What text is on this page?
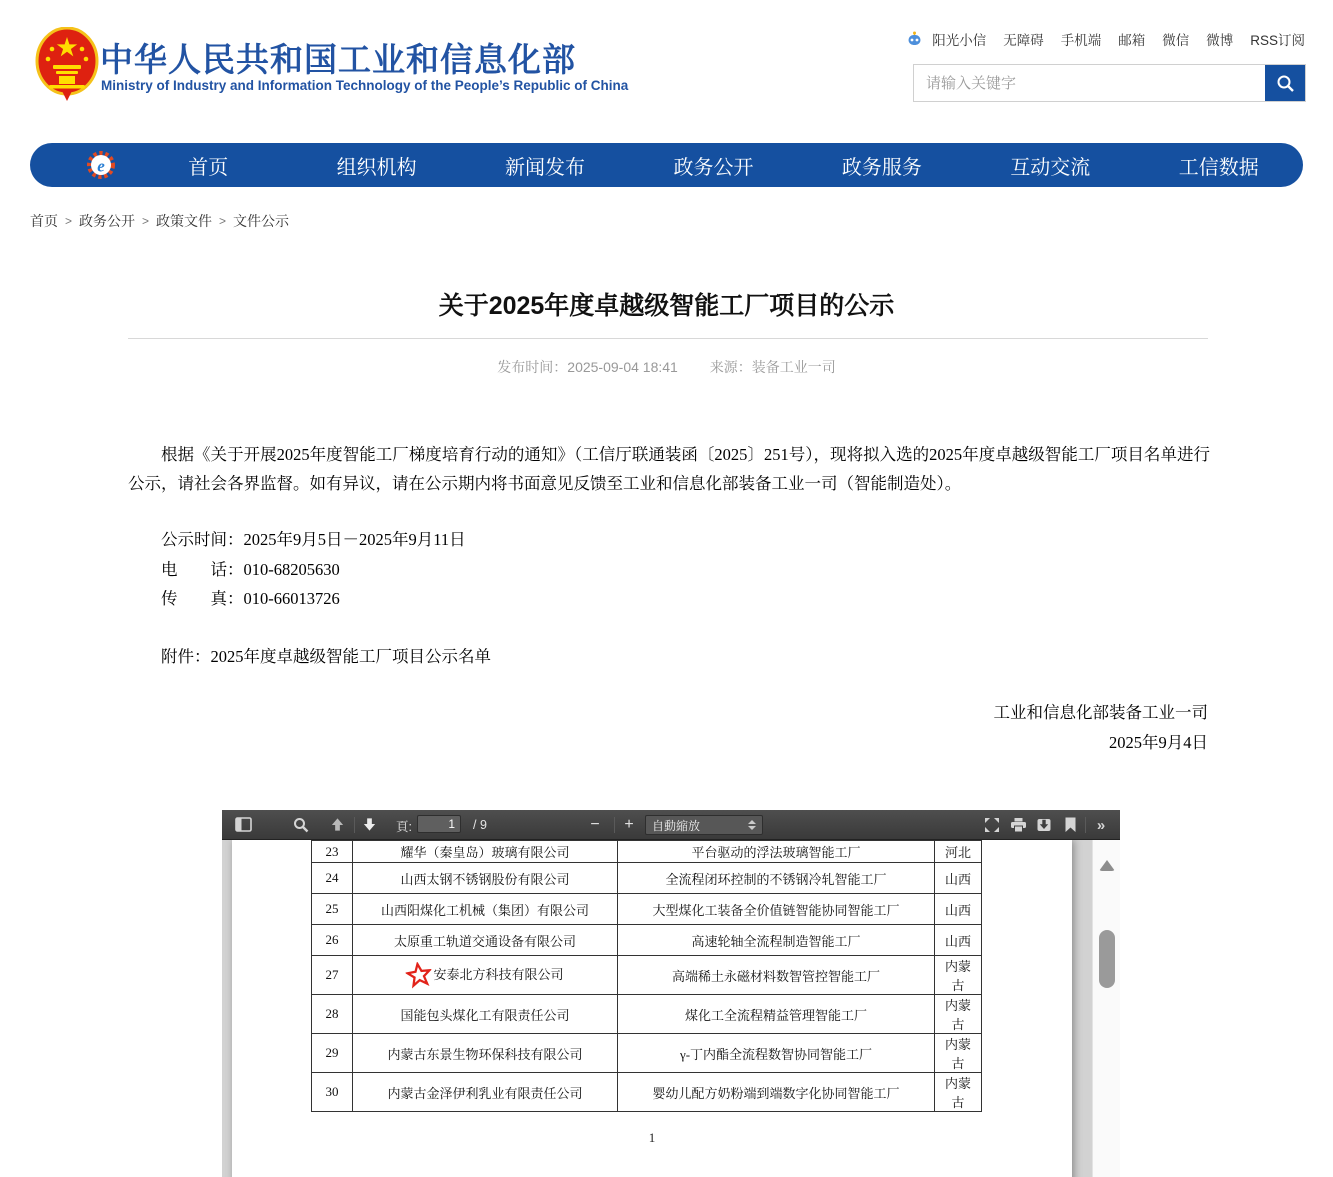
中华人民共和国工业和信息化部
Ministry of Industry and Information Technology of the People’s Republic of China
阳光小信 无障碍 手机端 邮箱 微信 微博 RSS订阅
请输入关键字
e	首页	组织机构	新闻发布	政务公开	政务服务	互动交流	工信数据
首页 > 政务公开 > 政策文件 > 文件公示
关于2025年度卓越级智能工厂项目的公示
发布时间：2025-09-04 18:41 来源：装备工业一司
根据《关于开展2025年度智能工厂梯度培育行动的通知》（工信厅联通装函〔2025〕251号），现将拟入选的2025年度卓越级智能工厂项目名单进行公示，请社会各界监督。如有异议，请在公示期内将书面意见反馈至工业和信息化部装备工业一司（智能制造处）。
公示时间：2025年9月5日－2025年9月11日
电　　话：010-68205630
传　　真：010-66013726
附件：2025年度卓越级智能工厂项目公示名单
工业和信息化部装备工业一司
2025年9月4日
頁:
1	/ 9	− + 自動縮放	»
23	耀华（秦皇岛）玻璃有限公司	平台驱动的浮法玻璃智能工厂	河北
24	山西太钢不锈钢股份有限公司	全流程闭环控制的不锈钢冷轧智能工厂	山西
25	山西阳煤化工机械（集团）有限公司	大型煤化工装备全价值链智能协同智能工厂	山西
26	太原重工轨道交通设备有限公司	高速轮轴全流程制造智能工厂	山西
27	安泰北方科技有限公司	高端稀土永磁材料数智管控智能工厂	内蒙古
28	国能包头煤化工有限责任公司	煤化工全流程精益管理智能工厂	内蒙古
29	内蒙古东景生物环保科技有限公司	γ-丁内酯全流程数智协同智能工厂	内蒙古
30	内蒙古金泽伊利乳业有限责任公司	婴幼儿配方奶粉端到端数字化协同智能工厂	内蒙古
1
